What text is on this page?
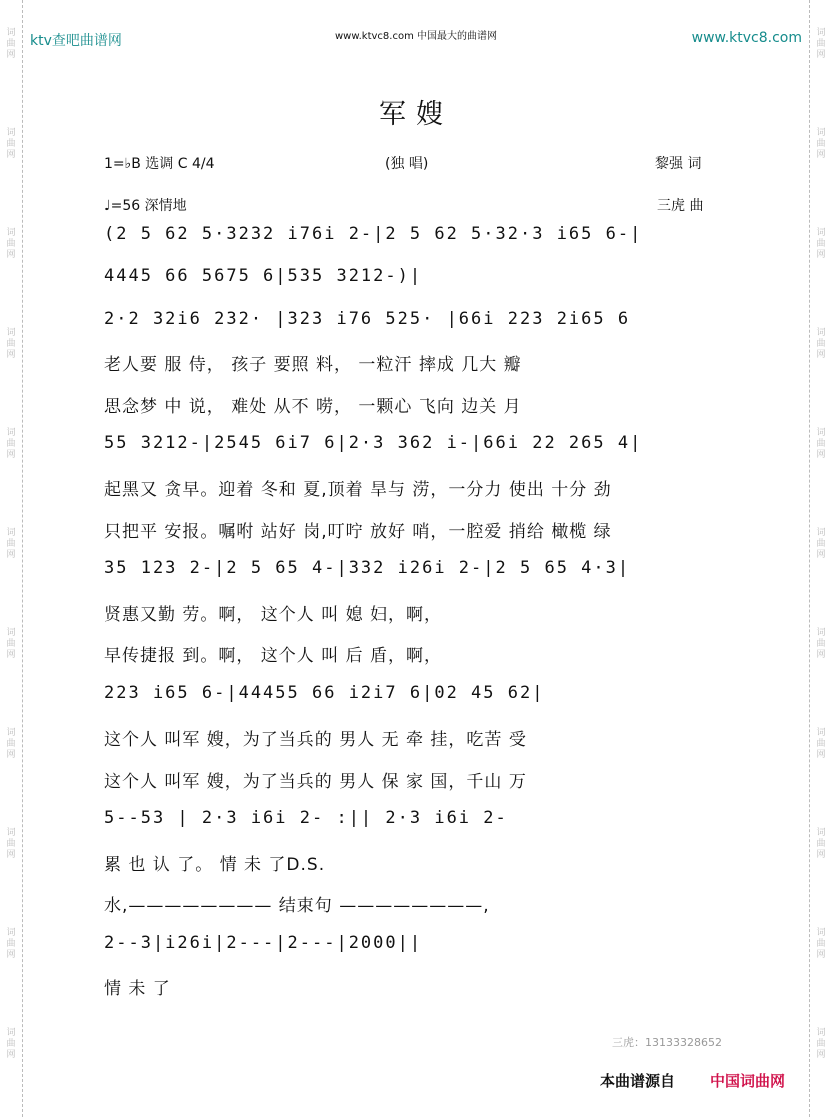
词曲网
词曲网
词曲网
词曲网
词曲网
词曲网
词曲网
词曲网
词曲网
词曲网
词曲网
词曲网
词曲网
词曲网
词曲网
词曲网
词曲网
词曲网
词曲网
词曲网
词曲网
词曲网
ktv查吧曲谱网	www.ktvc8.com 中国最大的曲谱网	www.ktvc8.com
军嫂
1=♭B 选调 C 4/4	(独 唱)	黎强 词
♩=56 深情地	三虎 曲
(2 5 62 5·3232 i76i 2-|2 5 62 5·32·3 i65 6-|
4445 66 5675 6|535 3212-)|
2·2 32i6 232· |323 i76 525· |66i 223 2i65 6
老人要 服 侍， 孩子 要照 料， 一粒汗 摔成 几大 瓣
思念梦 中 说， 难处 从不 唠， 一颗心 飞向 边关 月
55 3212-|2545 6i7 6|2·3 362 i-|66i 22 265 4|
起黑又 贪早。迎着 冬和 夏,顶着 旱与 涝，一分力 使出 十分 劲
只把平 安报。嘱咐 站好 岗,叮咛 放好 哨，一腔爱 捎给 橄榄 绿
35 123 2-|2 5 65 4-|332 i26i 2-|2 5 65 4·3|
贤惠又勤 劳。啊， 这个人 叫 媳 妇，啊，
早传捷报 到。啊， 这个人 叫 后 盾，啊，
223 i65 6-|44455 66 i2i7 6|02 45 62|
这个人 叫军 嫂，为了当兵的 男人 无 牵 挂，吃苦 受
这个人 叫军 嫂，为了当兵的 男人 保 家 国，千山 万
5--53 | 2·3 i6i 2- :|| 2·3 i6i 2-
累 也 认 了。 情 未 了D.S.
水,———————— 结束句 ————————,
2--3|i26i|2---|2---|2000||
情 未 了
三虎：13133328652
本曲谱源自 中国词曲网
